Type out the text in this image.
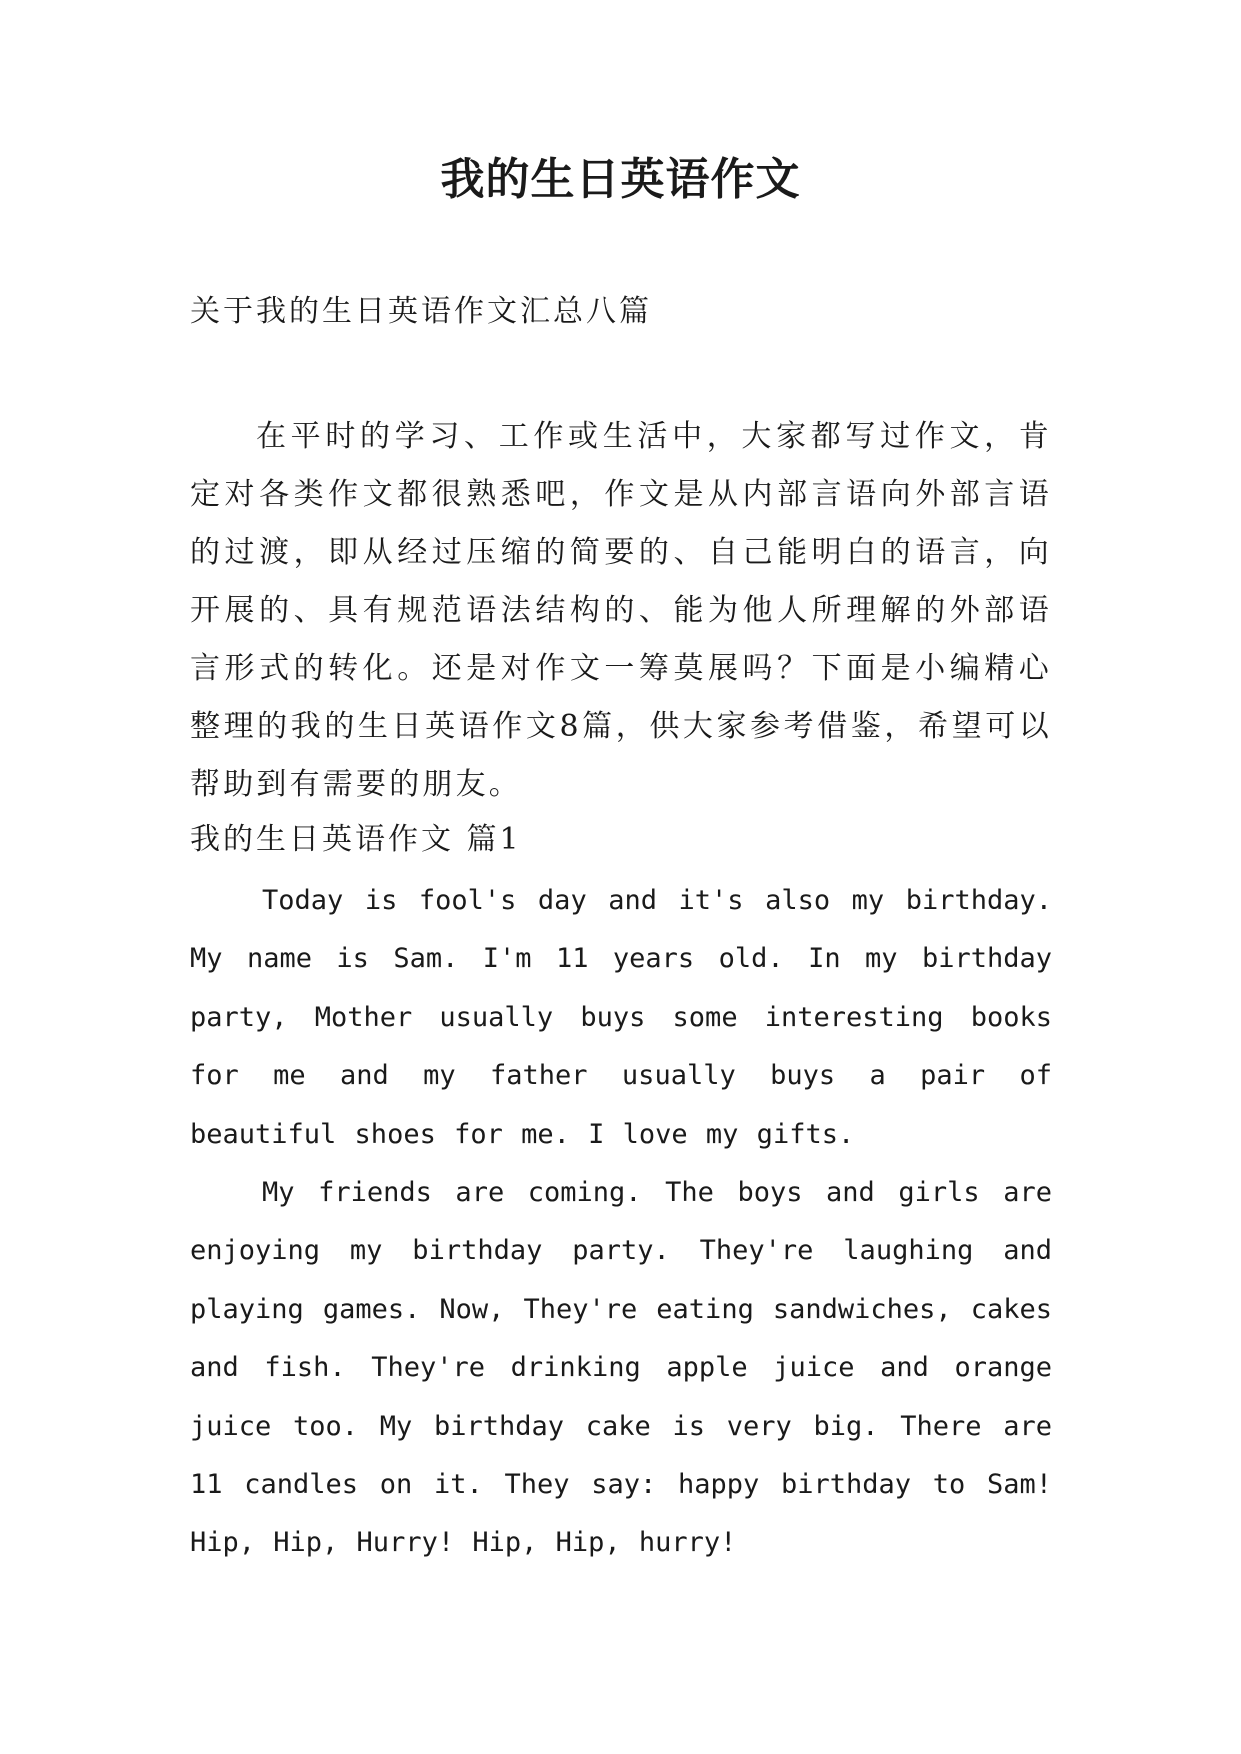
我的生日英语作文

关于我的生日英语作文汇总八篇

在平时的学习、工作或生活中，大家都写过作文，肯定对各类作文都很熟悉吧，作文是从内部言语向外部言语的过渡，即从经过压缩的简要的、自己能明白的语言，向开展的、具有规范语法结构的、能为他人所理解的外部语言形式的转化。还是对作文一筹莫展吗？下面是小编精心整理的我的生日英语作文8篇，供大家参考借鉴，希望可以帮助到有需要的朋友。

我的生日英语作文 篇1

Today is fool's day and it's also my birthday. My name is Sam. I'm 11 years old. In my birthday party, Mother usually buys some interesting books for me and my father usually buys a pair of beautiful shoes for me. I love my gifts.

My friends are coming. The boys and girls are enjoying my birthday party. They're laughing and playing games. Now, They're eating sandwiches, cakes and fish. They're drinking apple juice and orange juice too. My birthday cake is very big. There are 11 candles on it. They say: happy birthday to Sam! Hip, Hip, Hurry! Hip, Hip, hurry!
